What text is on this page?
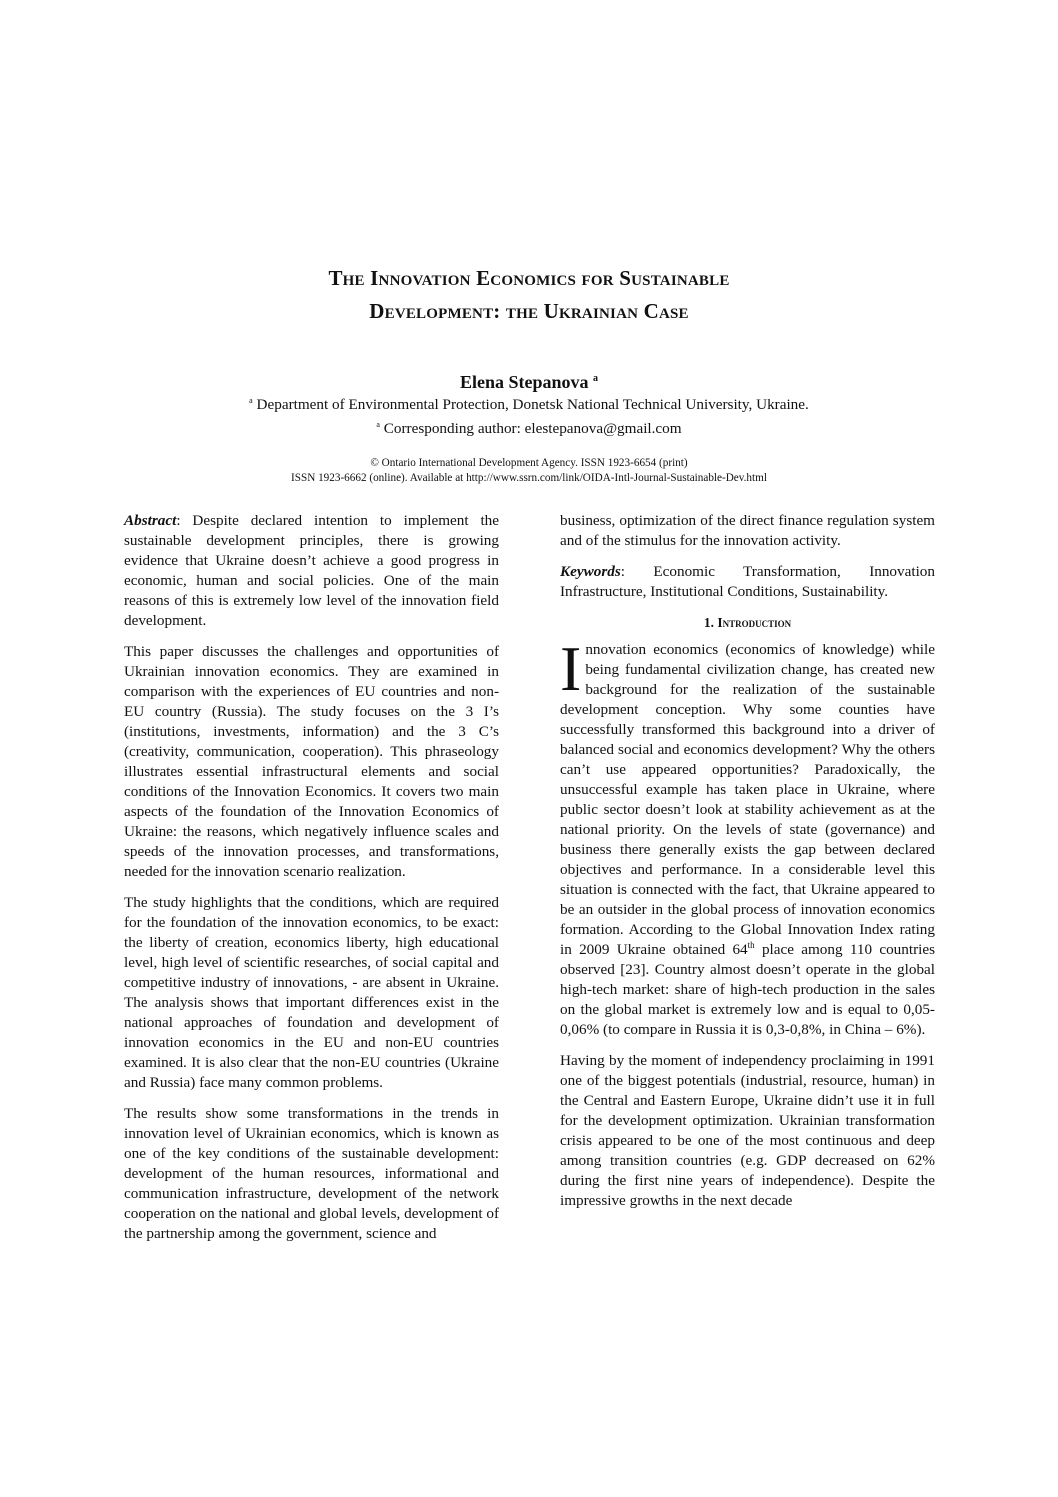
The Innovation Economics for Sustainable
Development: the Ukrainian Case
Elena Stepanova $^a$
$^a$ Department of Environmental Protection, Donetsk National Technical University, Ukraine.
$^a$ Corresponding author: elestepanova@gmail.com
© Ontario International Development Agency. ISSN 1923-6654 (print)
ISSN 1923-6662 (online). Available at http://www.ssrn.com/link/OIDA-Intl-Journal-Sustainable-Dev.html

Abstract: Despite declared intention to implement the sustainable development principles, there is growing evidence that Ukraine doesn’t achieve a good progress in economic, human and social policies. One of the main reasons of this is extremely low level of the innovation field development.

This paper discusses the challenges and opportunities of Ukrainian innovation economics. They are examined in comparison with the experiences of EU countries and non-EU country (Russia). The study focuses on the 3 I’s (institutions, investments, information) and the 3 C’s (creativity, communication, cooperation). This phraseology illustrates essential infrastructural elements and social conditions of the Innovation Economics. It covers two main aspects of the foundation of the Innovation Economics of Ukraine: the reasons, which negatively influence scales and speeds of the innovation processes, and transformations, needed for the innovation scenario realization.

The study highlights that the conditions, which are required for the foundation of the innovation economics, to be exact: the liberty of creation, economics liberty, high educational level, high level of scientific researches, of social capital and competitive industry of innovations, - are absent in Ukraine. The analysis shows that important differences exist in the national approaches of foundation and development of innovation economics in the EU and non-EU countries examined. It is also clear that the non-EU countries (Ukraine and Russia) face many common problems.

The results show some transformations in the trends in innovation level of Ukrainian economics, which is known as one of the key conditions of the sustainable development: development of the human resources, informational and communication infrastructure, development of the network cooperation on the national and global levels, development of the partnership among the government, science and

business, optimization of the direct finance regulation system and of the stimulus for the innovation activity.

Keywords: Economic Transformation, Innovation Infrastructure, Institutional Conditions, Sustainability.

1. Introduction

Innovation economics (economics of knowledge) while being fundamental civilization change, has created new background for the realization of the sustainable development conception. Why some counties have successfully transformed this background into a driver of balanced social and economics development? Why the others can’t use appeared opportunities? Paradoxically, the unsuccessful example has taken place in Ukraine, where public sector doesn’t look at stability achievement as at the national priority. On the levels of state (governance) and business there generally exists the gap between declared objectives and performance. In a considerable level this situation is connected with the fact, that Ukraine appeared to be an outsider in the global process of innovation economics formation. According to the Global Innovation Index rating in 2009 Ukraine obtained 64th place among 110 countries observed [23]. Country almost doesn’t operate in the global high-tech market: share of high-tech production in the sales on the global market is extremely low and is equal to 0,05-0,06% (to compare in Russia it is 0,3-0,8%, in China – 6%).

Having by the moment of independency proclaiming in 1991 one of the biggest potentials (industrial, resource, human) in the Central and Eastern Europe, Ukraine didn’t use it in full for the development optimization. Ukrainian transformation crisis appeared to be one of the most continuous and deep among transition countries (e.g. GDP decreased on 62% during the first nine years of independence). Despite the impressive growths in the next decade
